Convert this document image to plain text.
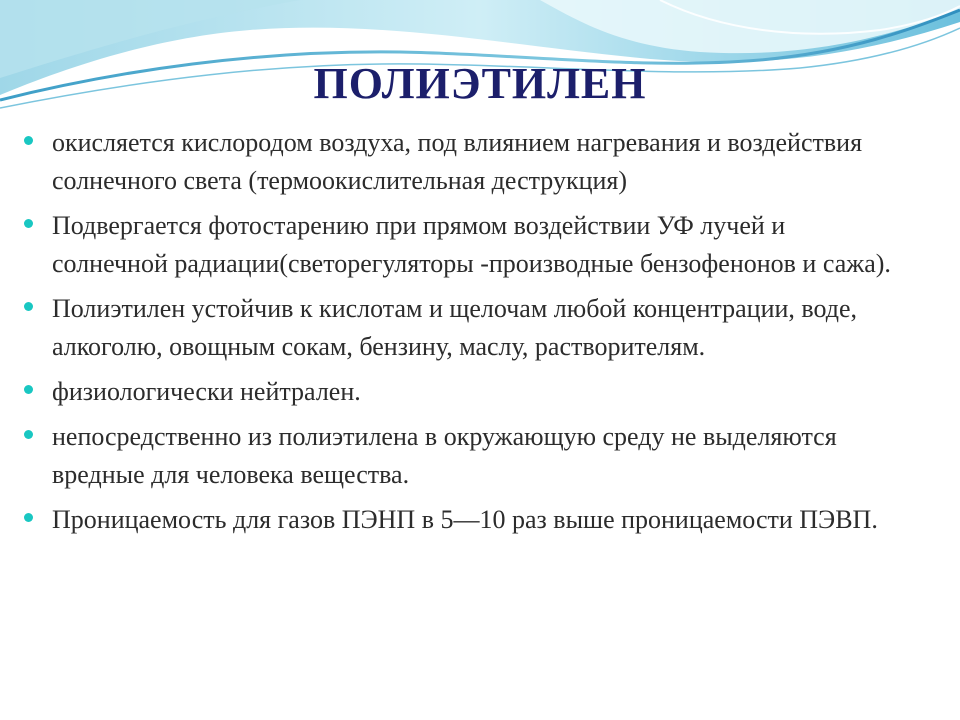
ПОЛИЭТИЛЕН
окисляется кислородом воздуха, под влиянием нагревания и воздействия солнечного света (термоокислительная деструкция)
Подвергается фотостарению при прямом воздействии УФ лучей и солнечной радиации(светорегуляторы -производные бензофенонов и сажа).
Полиэтилен устойчив к кислотам и щелочам любой концентрации, воде, алкоголю, овощным сокам, бензину, маслу, растворителям.
физиологически нейтрален.
непосредственно из полиэтилена в окружающую среду не выделяются вредные для человека вещества.
Проницаемость для газов ПЭНП в 5—10 раз выше проницаемости ПЭВП.
